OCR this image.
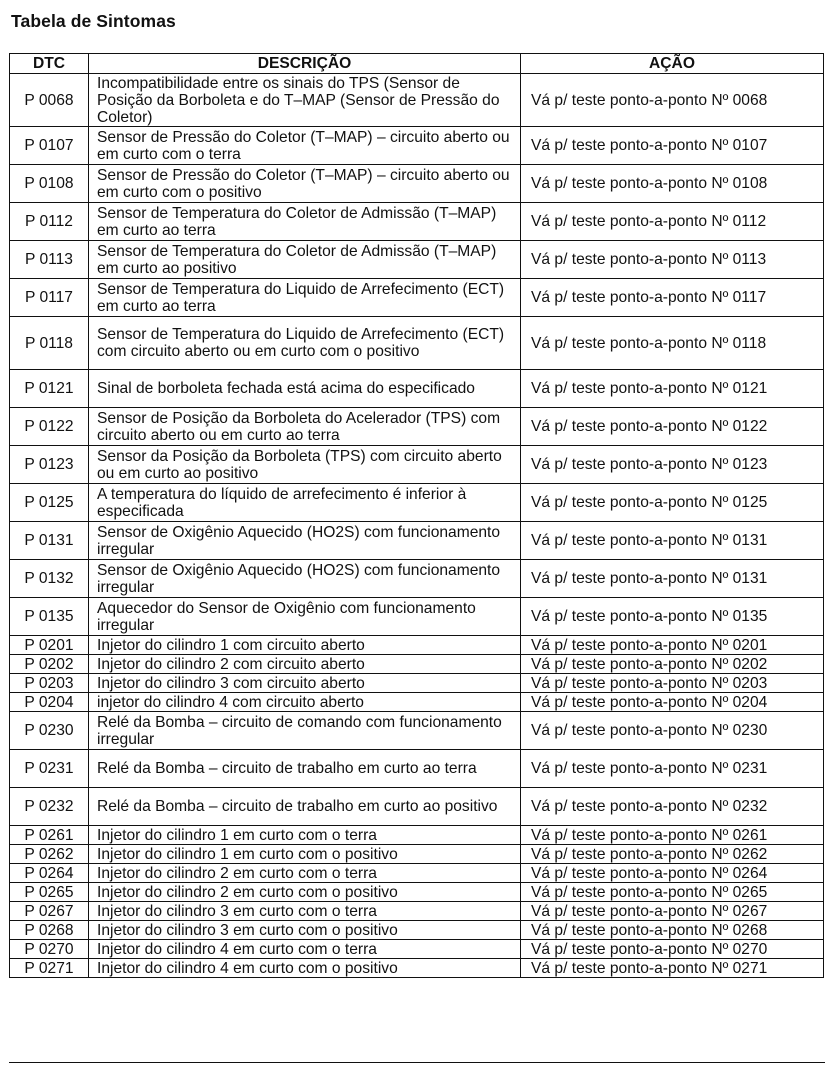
Tabela de Sintomas
DTC	DESCRIÇÃO	AÇÃO
P 0068	Incompatibilidade entre os sinais do TPS (Sensor de Posição da Borboleta e do T–MAP (Sensor de Pressão do Coletor)	Vá p/ teste ponto-a-ponto Nº 0068
P 0107	Sensor de Pressão do Coletor (T–MAP) – circuito aberto ou em curto com o terra	Vá p/ teste ponto-a-ponto Nº 0107
P 0108	Sensor de Pressão do Coletor (T–MAP) – circuito aberto ou em curto com o positivo	Vá p/ teste ponto-a-ponto Nº 0108
P 0112	Sensor de Temperatura do Coletor de Admissão (T–MAP) em curto ao terra	Vá p/ teste ponto-a-ponto Nº 0112
P 0113	Sensor de Temperatura do Coletor de Admissão (T–MAP) em curto ao positivo	Vá p/ teste ponto-a-ponto Nº 0113
P 0117	Sensor de Temperatura do Liquido de Arrefecimento (ECT) em curto ao terra	Vá p/ teste ponto-a-ponto Nº 0117
P 0118	Sensor de Temperatura do Liquido de Arrefecimento (ECT) com circuito aberto ou em curto com o positivo	Vá p/ teste ponto-a-ponto Nº 0118
P 0121	Sinal de borboleta fechada está acima do especificado	Vá p/ teste ponto-a-ponto Nº 0121
P 0122	Sensor de Posição da Borboleta do Acelerador (TPS) com circuito aberto ou em curto ao terra	Vá p/ teste ponto-a-ponto Nº 0122
P 0123	Sensor da Posição da Borboleta (TPS) com circuito aberto ou em curto ao positivo	Vá p/ teste ponto-a-ponto Nº 0123
P 0125	A temperatura do líquido de arrefecimento é inferior à especificada	Vá p/ teste ponto-a-ponto Nº 0125
P 0131	Sensor de Oxigênio Aquecido (HO2S) com funcionamento irregular	Vá p/ teste ponto-a-ponto Nº 0131
P 0132	Sensor de Oxigênio Aquecido (HO2S) com funcionamento irregular	Vá p/ teste ponto-a-ponto Nº 0131
P 0135	Aquecedor do Sensor de Oxigênio com funcionamento irregular	Vá p/ teste ponto-a-ponto Nº 0135
P 0201	Injetor do cilindro 1 com circuito aberto	Vá p/ teste ponto-a-ponto Nº 0201
P 0202	Injetor do cilindro 2 com circuito aberto	Vá p/ teste ponto-a-ponto Nº 0202
P 0203	Injetor do cilindro 3 com circuito aberto	Vá p/ teste ponto-a-ponto Nº 0203
P 0204	injetor do cilindro 4 com circuito aberto	Vá p/ teste ponto-a-ponto Nº 0204
P 0230	Relé da Bomba – circuito de comando com funcionamento irregular	Vá p/ teste ponto-a-ponto Nº 0230
P 0231	Relé da Bomba – circuito de trabalho em curto ao terra	Vá p/ teste ponto-a-ponto Nº 0231
P 0232	Relé da Bomba – circuito de trabalho em curto ao positivo	Vá p/ teste ponto-a-ponto Nº 0232
P 0261	Injetor do cilindro 1 em curto com o terra	Vá p/ teste ponto-a-ponto Nº 0261
P 0262	Injetor do cilindro 1 em curto com o positivo	Vá p/ teste ponto-a-ponto Nº 0262
P 0264	Injetor do cilindro 2 em curto com o terra	Vá p/ teste ponto-a-ponto Nº 0264
P 0265	Injetor do cilindro 2 em curto com o positivo	Vá p/ teste ponto-a-ponto Nº 0265
P 0267	Injetor do cilindro 3 em curto com o terra	Vá p/ teste ponto-a-ponto Nº 0267
P 0268	Injetor do cilindro 3 em curto com o positivo	Vá p/ teste ponto-a-ponto Nº 0268
P 0270	Injetor do cilindro 4 em curto com o terra	Vá p/ teste ponto-a-ponto Nº 0270
P 0271	Injetor do cilindro 4 em curto com o positivo	Vá p/ teste ponto-a-ponto Nº 0271
